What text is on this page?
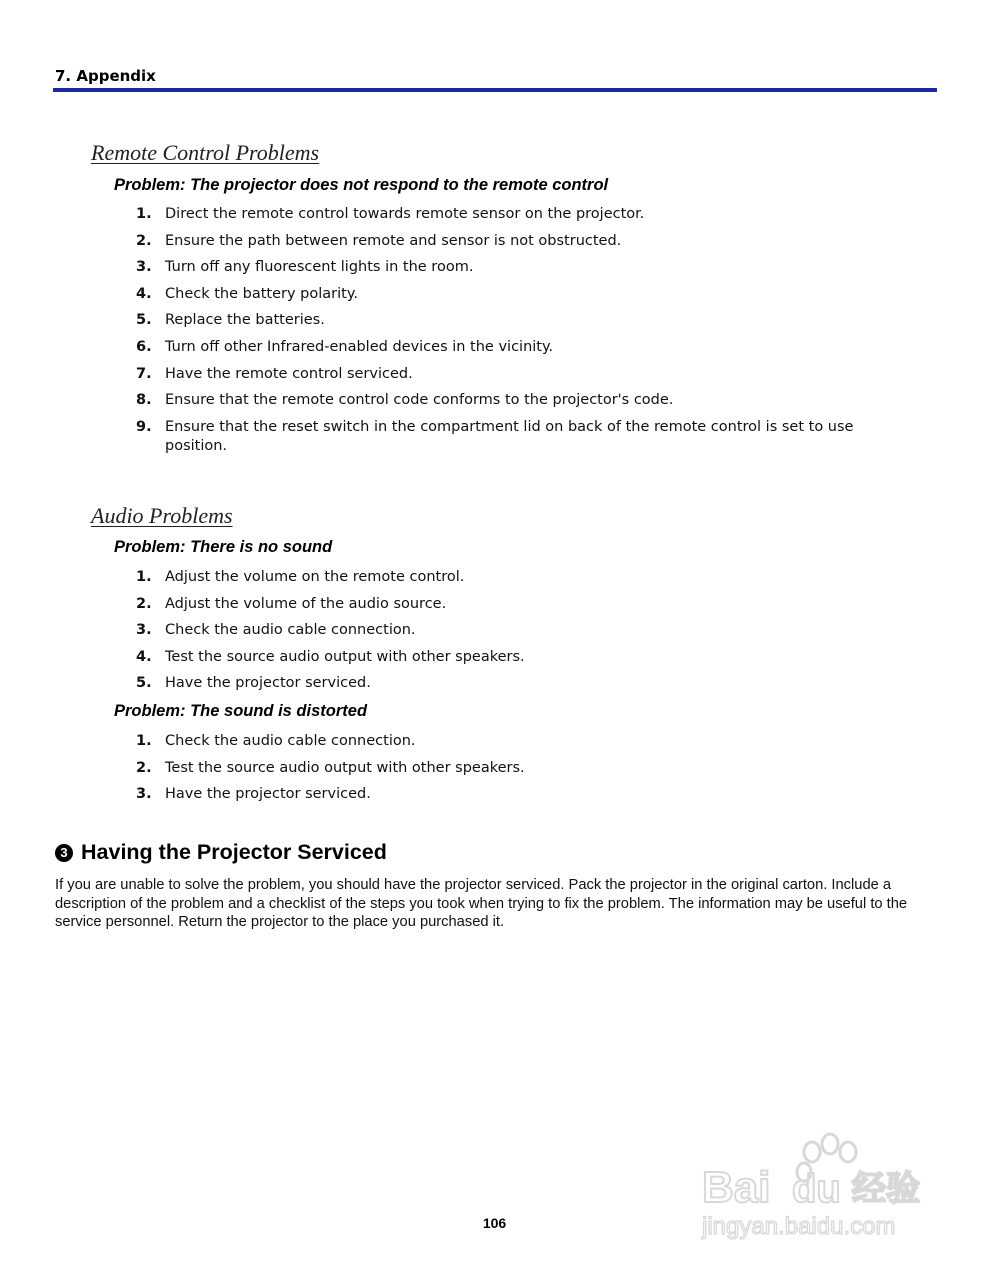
7. Appendix
Remote Control Problems
Problem: The projector does not respond to the remote control
1. Direct the remote control towards remote sensor on the projector.
2. Ensure the path between remote and sensor is not obstructed.
3. Turn off any fluorescent lights in the room.
4. Check the battery polarity.
5. Replace the batteries.
6. Turn off other Infrared-enabled devices in the vicinity.
7. Have the remote control serviced.
8. Ensure that the remote control code conforms to the projector's code.
9. Ensure that the reset switch in the compartment lid on back of the remote control is set to use position.
Audio Problems
Problem: There is no sound
1. Adjust the volume on the remote control.
2. Adjust the volume of the audio source.
3. Check the audio cable connection.
4. Test the source audio output with other speakers.
5. Have the projector serviced.
Problem: The sound is distorted
1. Check the audio cable connection.
2. Test the source audio output with other speakers.
3. Have the projector serviced.
3 Having the Projector Serviced
If you are unable to solve the problem, you should have the projector serviced. Pack the projector in the original carton. Include a description of the problem and a checklist of the steps you took when trying to fix the problem. The information may be useful to the service personnel. Return the projector to the place you purchased it.
106
Bai du 经验
jingyan.baidu.com
